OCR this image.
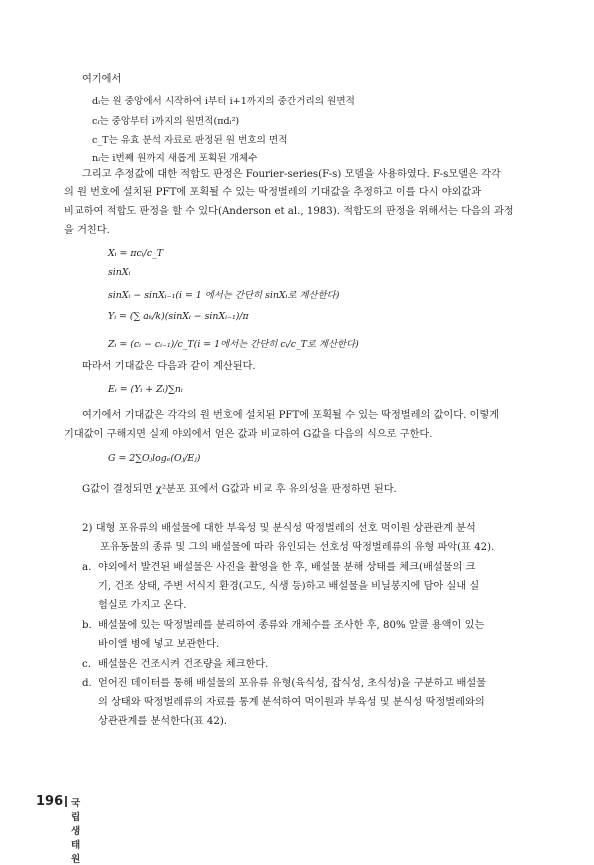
여기에서
dᵢ는 원 중앙에서 시작하여 i부터 i+1까지의 중간거리의 원면적
cᵢ는 중앙부터 i까지의 원면적(πdᵢ²)
c_T는 유효 분석 자료로 판정된 원 번호의 면적
nᵢ는 i번째 원까지 새롭게 포획된 개체수
그리고 추정값에 대한 적합도 판정은 Fourier-series(F-s) 모델을 사용하였다. F-s모델은 각각
의 원 번호에 설치된 PFT에 포획될 수 있는 딱정벌레의 기대값을 추정하고 이를 다시 야외값과
비교하여 적합도 판정을 할 수 있다(Anderson et al., 1983). 적합도의 판정을 위해서는 다음의 과정
을 거친다.
Xᵢ = πcᵢ/c_T
sinXᵢ
sinXᵢ − sinXᵢ₋₁(i = 1 에서는 간단히 sinXᵢ로 계산한다)
Yᵢ = (∑ aₖ/k)(sinXᵢ − sinXᵢ₋₁)/π
Zᵢ = (cᵢ − cᵢ₋₁)/c_T(i = 1에서는 간단히 cᵢ/c_T로 계산한다)
따라서 기대값은 다음과 같이 계산된다.
Eᵢ = (Yᵢ + Zᵢ)∑nᵢ
여기에서 기대값은 각각의 원 번호에 설치된 PFT에 포획될 수 있는 딱정벌레의 값이다. 이렇게
기대값이 구해지면 실제 야외에서 얻은 값과 비교하여 G값을 다음의 식으로 구한다.
G = 2∑Oⱼlogₑ(Oⱼ/Eⱼ)
G값이 결정되면 χ²분포 표에서 G값과 비교 후 유의성을 판정하면 된다.
2) 대형 포유류의 배설물에 대한 부육성 및 분식성 딱정벌레의 선호 먹이원 상관관계 분석
포유동물의 종류 및 그의 배설물에 따라 유인되는 선호성 딱정벌레류의 유형 파악(표 42).
a. 야외에서 발견된 배설물은 사진을 촬영을 한 후, 배설물 분해 상태를 체크(배설물의 크
기, 건조 상태, 주변 서식지 환경(고도, 식생 등)하고 배설물을 비닐봉지에 담아 실내 실
험실로 가지고 온다.
b. 배설물에 있는 딱정벌레를 분리하여 종류와 개체수를 조사한 후, 80% 알콜 용액이 있는
바이엘 병에 넣고 보관한다.
c. 배설물은 건조시켜 건조량을 체크한다.
d. 얻어진 데이터를 통해 배설물의 포유류 유형(육식성, 잡식성, 초식성)을 구분하고 배설물
의 상태와 딱정벌레류의 자료를 통계 분석하여 먹이원과 부육성 및 분식성 딱정벌레와의
상관관계를 분석한다(표 42).
196 국립생태원
